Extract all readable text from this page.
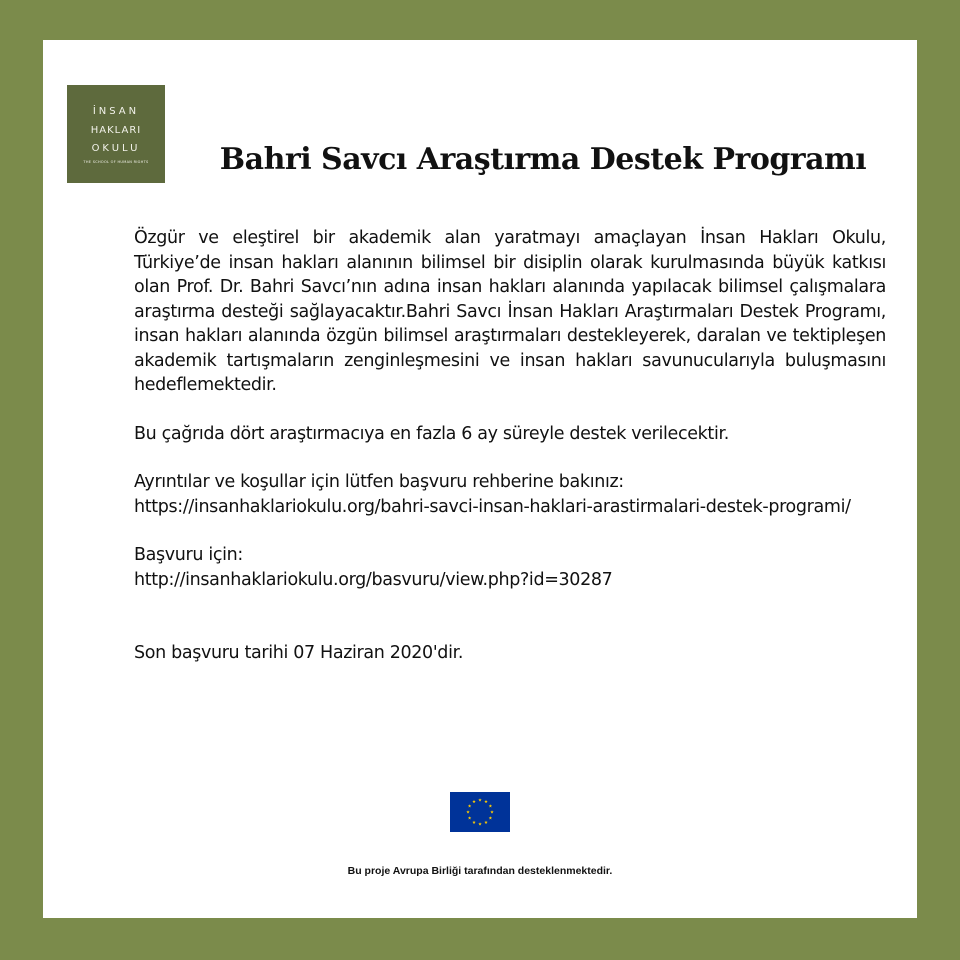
İNSAN
HAKLARI
OKULU
THE SCHOOL OF HUMAN RIGHTS	Bahri Savcı Araştırma Destek Programı

Özgür ve eleştirel bir akademik alan yaratmayı amaçlayan İnsan Hakları Okulu, Türkiye’de insan hakları alanının bilimsel bir disiplin olarak kurulmasında büyük katkısı olan Prof. Dr. Bahri Savcı’nın adına insan hakları alanında yapılacak bilimsel çalışmalara araştırma desteği sağlayacaktır.Bahri Savcı İnsan Hakları Araştırmaları Destek Programı, insan hakları alanında özgün bilimsel araştırmaları destekleyerek, daralan ve tektipleşen akademik tartışmaların zenginleşmesini ve insan hakları savunucularıyla buluşmasını hedeflemektedir.

Bu çağrıda dört araştırmacıya en fazla 6 ay süreyle destek verilecektir.

Ayrıntılar ve koşullar için lütfen başvuru rehberine bakınız:

https://insanhaklariokulu.org/bahri-savci-insan-haklari-arastirmalari-destek-programi/

Başvuru için:

http://insanhaklariokulu.org/basvuru/view.php?id=30287

Son başvuru tarihi 07 Haziran 2020'dir.

Bu proje Avrupa Birliği tarafından desteklenmektedir.
